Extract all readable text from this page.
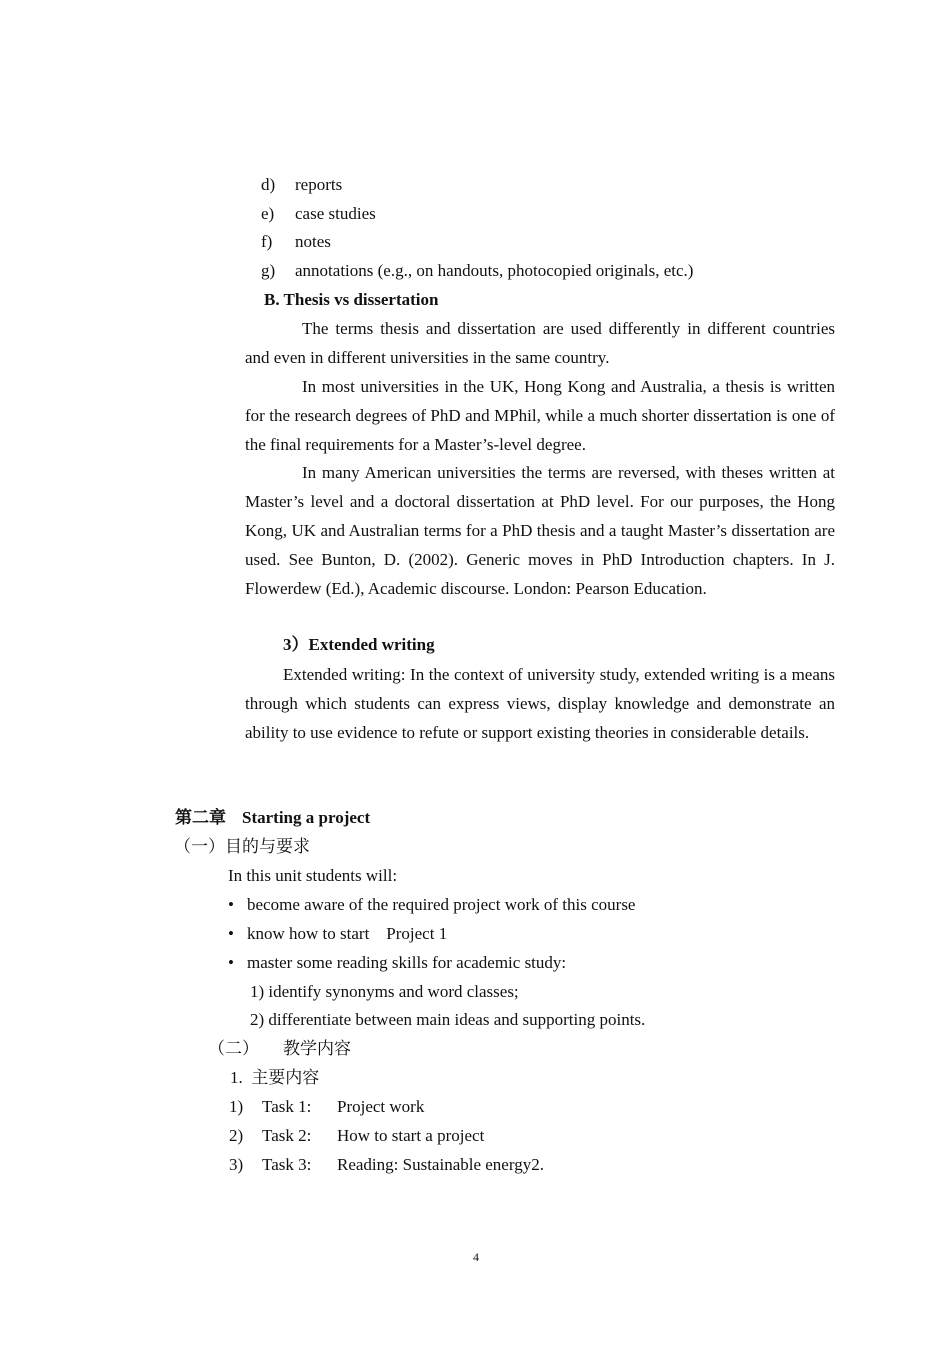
d) reports
e) case studies
f) notes
g) annotations (e.g., on handouts, photocopied originals, etc.)
B. Thesis vs dissertation
The terms thesis and dissertation are used differently in different countries and even in different universities in the same country.
In most universities in the UK, Hong Kong and Australia, a thesis is written for the research degrees of PhD and MPhil, while a much shorter dissertation is one of the final requirements for a Master’s-level degree.
In many American universities the terms are reversed, with theses written at Master’s level and a doctoral dissertation at PhD level. For our purposes, the Hong Kong, UK and Australian terms for a PhD thesis and a taught Master’s dissertation are used. See Bunton, D. (2002). Generic moves in PhD Introduction chapters. In J. Flowerdew (Ed.), Academic discourse. London: Pearson Education.
3）Extended writing
Extended writing: In the context of university study, extended writing is a means through which students can express views, display knowledge and demonstrate an ability to use evidence to refute or support existing theories in considerable details.
第二章 Starting a project
（一）目的与要求
In this unit students will:
• become aware of the required project work of this course
• know how to start    Project 1
• master some reading skills for academic study:
1) identify synonyms and word classes;
2) differentiate between main ideas and supporting points.
（二） 教学内容
1.  主要内容
1) Task 1: Project work
2) Task 2: How to start a project
3) Task 3: Reading: Sustainable energy2.
4
